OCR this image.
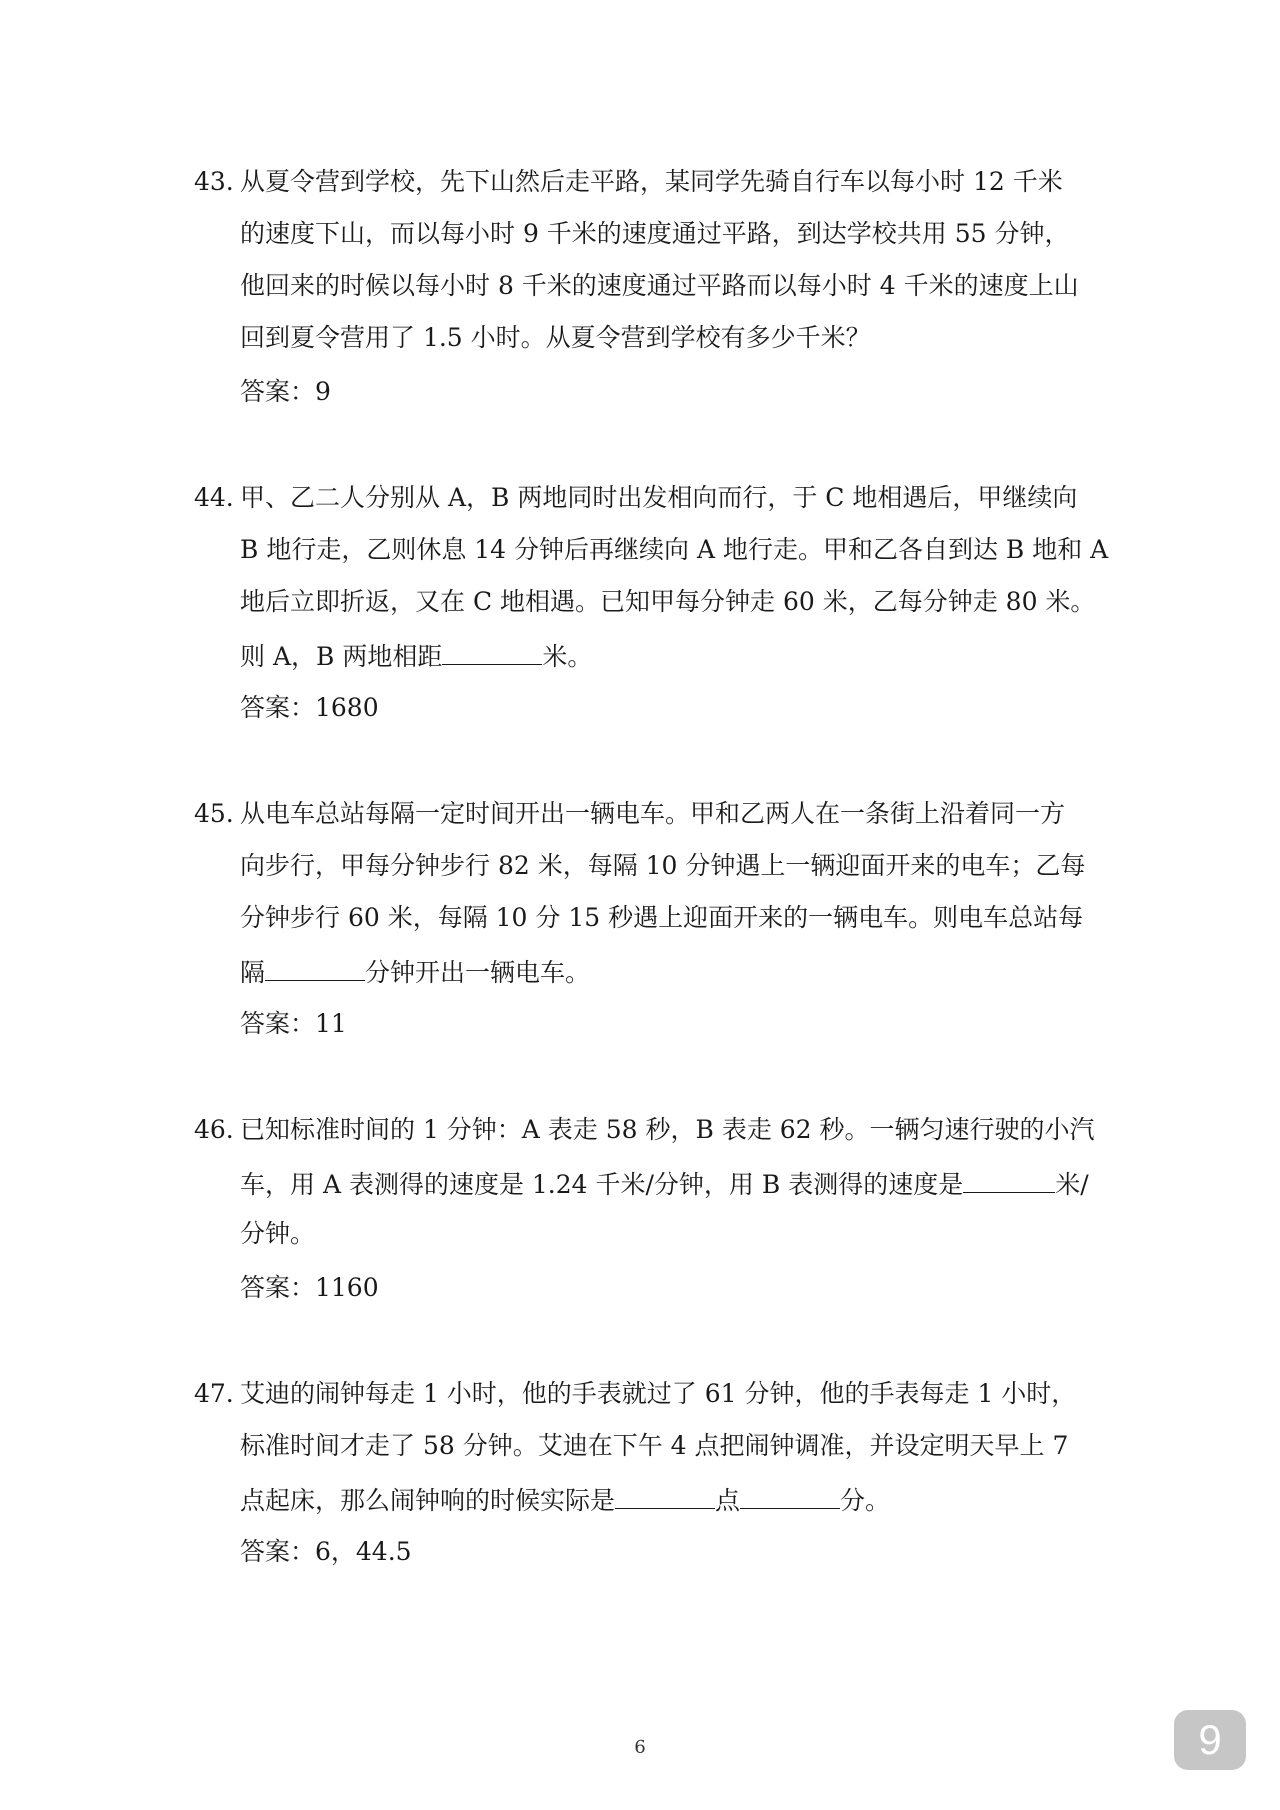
43. 从夏令营到学校，先下山然后走平路，某同学先骑自行车以每小时 12 千米
的速度下山，而以每小时 9 千米的速度通过平路，到达学校共用 55 分钟，
他回来的时候以每小时 8 千米的速度通过平路而以每小时 4 千米的速度上山
回到夏令营用了 1.5 小时。从夏令营到学校有多少千米？
答案：9
44. 甲、乙二人分别从 A，B 两地同时出发相向而行，于 C 地相遇后，甲继续向
B 地行走，乙则休息 14 分钟后再继续向 A 地行走。甲和乙各自到达 B 地和 A
地后立即折返，又在 C 地相遇。已知甲每分钟走 60 米，乙每分钟走 80 米。
则 A，B 两地相距	米。
答案：1680
45. 从电车总站每隔一定时间开出一辆电车。甲和乙两人在一条街上沿着同一方
向步行，甲每分钟步行 82 米，每隔 10 分钟遇上一辆迎面开来的电车；乙每
分钟步行 60 米，每隔 10 分 15 秒遇上迎面开来的一辆电车。则电车总站每
隔	分钟开出一辆电车。
答案：11
46. 已知标准时间的 1 分钟：A 表走 58 秒，B 表走 62 秒。一辆匀速行驶的小汽
车，用 A 表测得的速度是 1.24 千米/分钟，用 B 表测得的速度是	米/
分钟。
答案：1160
47. 艾迪的闹钟每走 1 小时，他的手表就过了 61 分钟，他的手表每走 1 小时，
标准时间才走了 58 分钟。艾迪在下午 4 点把闹钟调准，并设定明天早上 7
点起床，那么闹钟响的时候实际是	点	分。
答案：6，44.5
9	9
